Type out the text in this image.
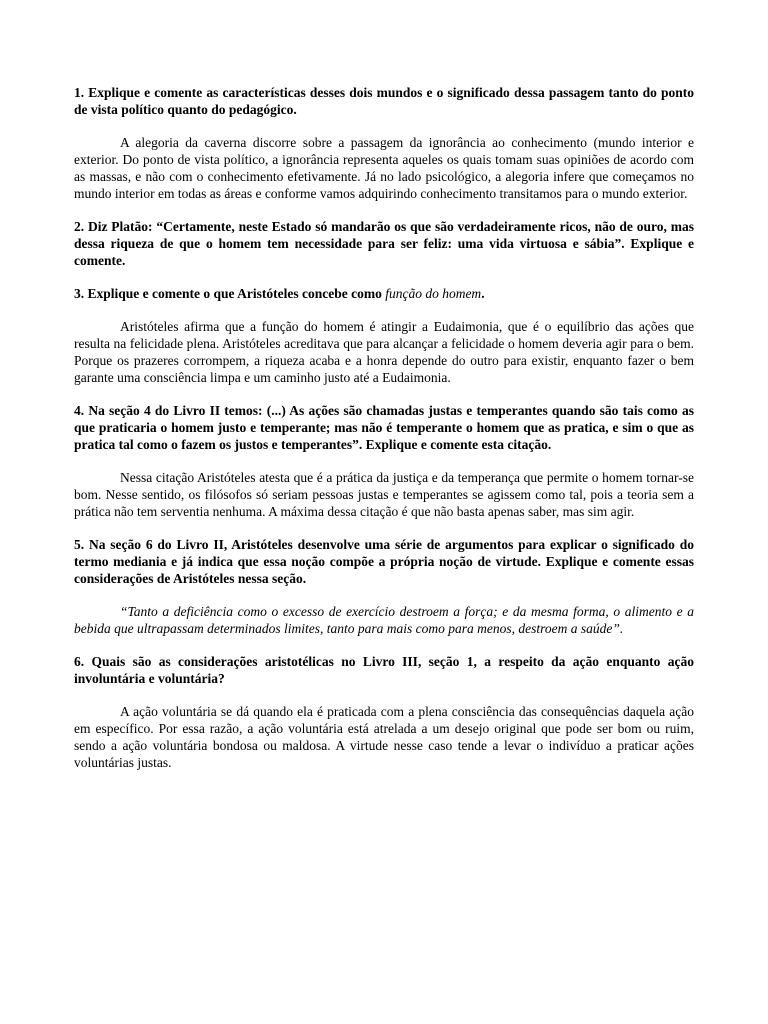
1. Explique e comente as características desses dois mundos e o significado dessa passagem tanto do ponto de vista político quanto do pedagógico.

A alegoria da caverna discorre sobre a passagem da ignorância ao conhecimento (mundo interior e exterior. Do ponto de vista político, a ignorância representa aqueles os quais tomam suas opiniões de acordo com as massas, e não com o conhecimento efetivamente. Já no lado psicológico, a alegoria infere que começamos no mundo interior em todas as áreas e conforme vamos adquirindo conhecimento transitamos para o mundo exterior.

2. Diz Platão: “Certamente, neste Estado só mandarão os que são verdadeiramente ricos, não de ouro, mas dessa riqueza de que o homem tem necessidade para ser feliz: uma vida virtuosa e sábia”. Explique e comente.

3. Explique e comente o que Aristóteles concebe como função do homem.

Aristóteles afirma que a função do homem é atingir a Eudaimonia, que é o equilíbrio das ações que resulta na felicidade plena. Aristóteles acreditava que para alcançar a felicidade o homem deveria agir para o bem. Porque os prazeres corrompem, a riqueza acaba e a honra depende do outro para existir, enquanto fazer o bem garante uma consciência limpa e um caminho justo até a Eudaimonia.

4. Na seção 4 do Livro II temos: (...) As ações são chamadas justas e temperantes quando são tais como as que praticaria o homem justo e temperante; mas não é temperante o homem que as pratica, e sim o que as pratica tal como o fazem os justos e temperantes”. Explique e comente esta citação.

Nessa citação Aristóteles atesta que é a prática da justiça e da temperança que permite o homem tornar-se bom. Nesse sentido, os filósofos só seriam pessoas justas e temperantes se agissem como tal, pois a teoria sem a prática não tem serventia nenhuma. A máxima dessa citação é que não basta apenas saber, mas sim agir.

5. Na seção 6 do Livro II, Aristóteles desenvolve uma série de argumentos para explicar o significado do termo mediania e já indica que essa noção compõe a própria noção de virtude. Explique e comente essas considerações de Aristóteles nessa seção.

“Tanto a deficiência como o excesso de exercício destroem a força; e da mesma forma, o alimento e a bebida que ultrapassam determinados limites, tanto para mais como para menos, destroem a saúde”.

6. Quais são as considerações aristotélicas no Livro III, seção 1, a respeito da ação enquanto ação involuntária e voluntária?

A ação voluntária se dá quando ela é praticada com a plena consciência das consequências daquela ação em específico. Por essa razão, a ação voluntária está atrelada a um desejo original que pode ser bom ou ruim, sendo a ação voluntária bondosa ou maldosa. A virtude nesse caso tende a levar o indivíduo a praticar ações voluntárias justas.
